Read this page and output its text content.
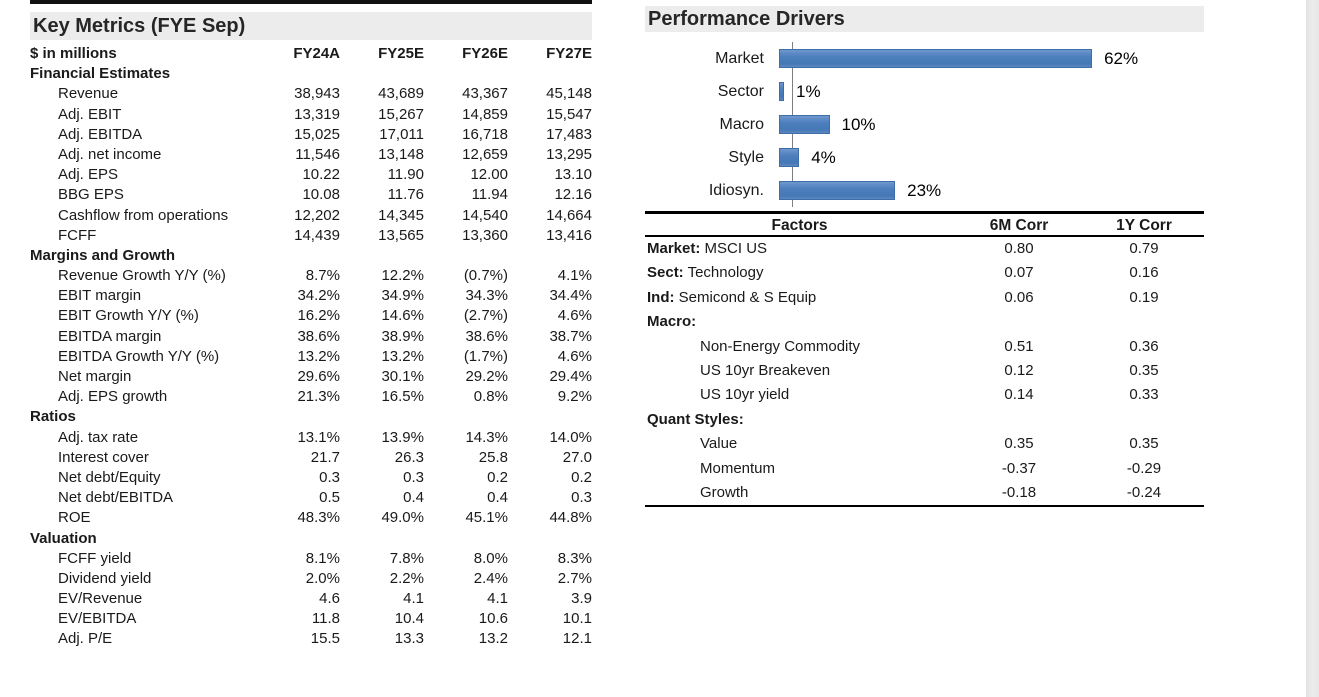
Key Metrics (FYE Sep)
$ in millions	FY24A	FY25E	FY26E	FY27E
Financial Estimates
Revenue	38,943	43,689	43,367	45,148
Adj. EBIT	13,319	15,267	14,859	15,547
Adj. EBITDA	15,025	17,011	16,718	17,483
Adj. net income	11,546	13,148	12,659	13,295
Adj. EPS	10.22	11.90	12.00	13.10
BBG EPS	10.08	11.76	11.94	12.16
Cashflow from operations	12,202	14,345	14,540	14,664
FCFF	14,439	13,565	13,360	13,416
Margins and Growth
Revenue Growth Y/Y (%)	8.7%	12.2%	(0.7%)	4.1%
EBIT margin	34.2%	34.9%	34.3%	34.4%
EBIT Growth Y/Y (%)	16.2%	14.6%	(2.7%)	4.6%
EBITDA margin	38.6%	38.9%	38.6%	38.7%
EBITDA Growth Y/Y (%)	13.2%	13.2%	(1.7%)	4.6%
Net margin	29.6%	30.1%	29.2%	29.4%
Adj. EPS growth	21.3%	16.5%	0.8%	9.2%
Ratios
Adj. tax rate	13.1%	13.9%	14.3%	14.0%
Interest cover	21.7	26.3	25.8	27.0
Net debt/Equity	0.3	0.3	0.2	0.2
Net debt/EBITDA	0.5	0.4	0.4	0.3
ROE	48.3%	49.0%	45.1%	44.8%
Valuation
FCFF yield	8.1%	7.8%	8.0%	8.3%
Dividend yield	2.0%	2.2%	2.4%	2.7%
EV/Revenue	4.6	4.1	4.1	3.9
EV/EBITDA	11.8	10.4	10.6	10.1
Adj. P/E	15.5	13.3	13.2	12.1
Performance Drivers
Market	62%
Sector	1%
Macro	10%
Style	4%
Idiosyn.	23%
Factors	6M Corr	1Y Corr
Market: MSCI US	0.80	0.79
Sect: Technology	0.07	0.16
Ind: Semicond & S Equip	0.06	0.19
Macro:
Non-Energy Commodity	0.51	0.36
US 10yr Breakeven	0.12	0.35
US 10yr yield	0.14	0.33
Quant Styles:
Value	0.35	0.35
Momentum	-0.37	-0.29
Growth	-0.18	-0.24
